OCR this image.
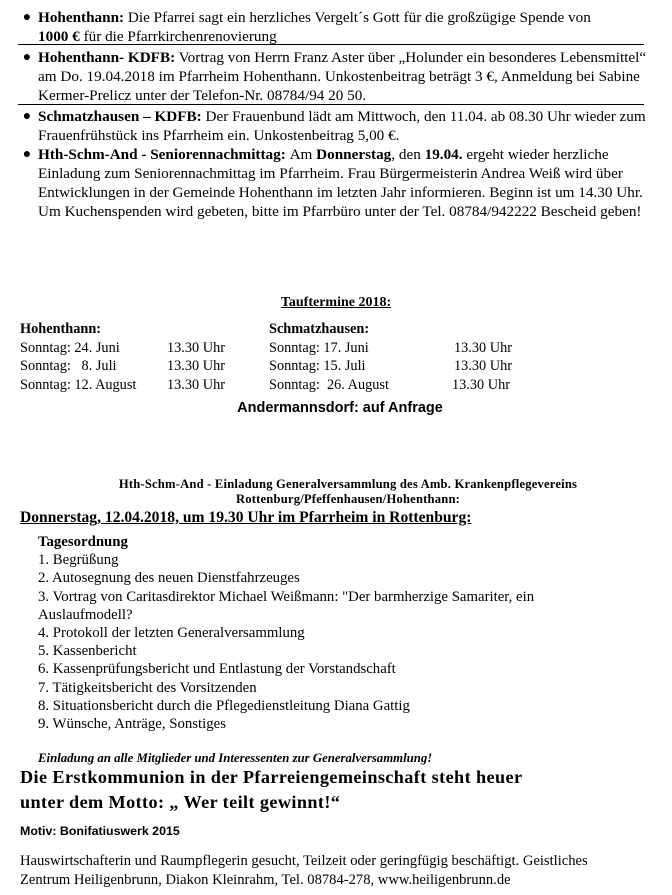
● Hohenthann: Die Pfarrei sagt ein herzliches Vergelt´s Gott für die großzügige Spende von
1000 € für die Pfarrkirchenrenovierung
● Hohenthann- KDFB: Vortrag von Herrn Franz Aster über „Holunder ein besonderes Lebensmittel“ am Do. 19.04.2018 im Pfarrheim Hohenthann. Unkostenbeitrag beträgt 3 €, Anmeldung bei Sabine Kermer-Prelicz unter der Telefon-Nr. 08784/94 20 50.
● Schmatzhausen – KDFB: Der Frauenbund lädt am Mittwoch, den 11.04. ab 08.30 Uhr wieder zum Frauenfrühstück ins Pfarrheim ein. Unkostenbeitrag 5,00 €.
● Hth-Schm-And - Seniorennachmittag: Am Donnerstag, den 19.04. ergeht wieder herzliche Einladung zum Seniorennachmittag im Pfarrheim. Frau Bürgermeisterin Andrea Weiß wird über Entwicklungen in der Gemeinde Hohenthann im letzten Jahr informieren. Beginn ist um 14.30 Uhr. Um Kuchenspenden wird gebeten, bitte im Pfarrbüro unter der Tel. 08784/942222 Bescheid geben!
Tauftermine 2018:
Hohenthann:
Sonntag: 24. Juni	13.30 Uhr
Sonntag:   8. Juli	13.30 Uhr
Sonntag: 12. August 13.30 Uhr
Schmatzhausen:
Sonntag: 17. Juni	13.30 Uhr
Sonntag: 15. Juli	13.30 Uhr
Sonntag:  26. August	13.30 Uhr
Andermannsdorf: auf Anfrage
Hth-Schm-And - Einladung Generalversammlung des Amb. Krankenpflegevereins
Rottenburg/Pfeffenhausen/Hohenthann:
Donnerstag, 12.04.2018, um 19.30 Uhr im Pfarrheim in Rottenburg:
Tagesordnung
1. Begrüßung
2. Autosegnung des neuen Dienstfahrzeuges
3. Vortrag von Caritasdirektor Michael Weißmann: "Der barmherzige Samariter, ein Auslaufmodell?
4. Protokoll der letzten Generalversammlung
5. Kassenbericht
6. Kassenprüfungsbericht und Entlastung der Vorstandschaft
7. Tätigkeitsbericht des Vorsitzenden
8. Situationsbericht durch die Pflegedienstleitung Diana Gattig
9. Wünsche, Anträge, Sonstiges
Einladung an alle Mitglieder und Interessenten zur Generalversammlung!
Die Erstkommunion in der Pfarreiengemeinschaft steht heuer
unter dem Motto: „ Wer teilt gewinnt!“
Motiv: Bonifatiuswerk 2015
Hauswirtschafterin und Raumpflegerin gesucht, Teilzeit oder geringfügig beschäftigt. Geistliches
Zentrum Heiligenbrunn, Diakon Kleinrahm, Tel. 08784-278, www.heiligenbrunn.de
